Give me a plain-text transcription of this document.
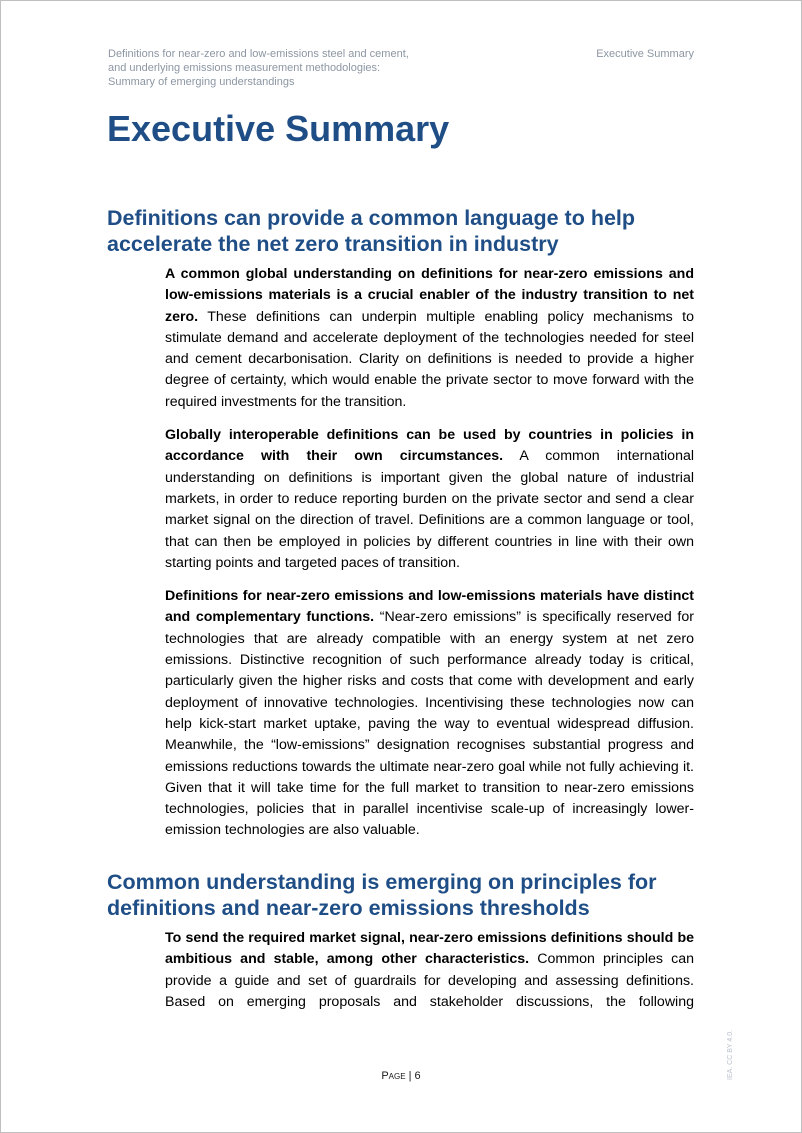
Definitions for near-zero and low-emissions steel and cement,
and underlying emissions measurement methodologies:
Summary of emerging understandings
Executive Summary
Executive Summary
Definitions can provide a common language to help
accelerate the net zero transition in industry

A common global understanding on definitions for near-zero emissions and low-emissions materials is a crucial enabler of the industry transition to net zero. These definitions can underpin multiple enabling policy mechanisms to stimulate demand and accelerate deployment of the technologies needed for steel and cement decarbonisation. Clarity on definitions is needed to provide a higher degree of certainty, which would enable the private sector to move forward with the required investments for the transition.

Globally interoperable definitions can be used by countries in policies in accordance with their own circumstances. A common international understanding on definitions is important given the global nature of industrial markets, in order to reduce reporting burden on the private sector and send a clear market signal on the direction of travel. Definitions are a common language or tool, that can then be employed in policies by different countries in line with their own starting points and targeted paces of transition.

Definitions for near-zero emissions and low-emissions materials have distinct and complementary functions. “Near-zero emissions” is specifically reserved for technologies that are already compatible with an energy system at net zero emissions. Distinctive recognition of such performance already today is critical, particularly given the higher risks and costs that come with development and early deployment of innovative technologies. Incentivising these technologies now can help kick-start market uptake, paving the way to eventual widespread diffusion. Meanwhile, the “low-emissions” designation recognises substantial progress and emissions reductions towards the ultimate near-zero goal while not fully achieving it. Given that it will take time for the full market to transition to near-zero emissions technologies, policies that in parallel incentivise scale-up of increasingly lower-emission technologies are also valuable.

Common understanding is emerging on principles for
definitions and near-zero emissions thresholds

To send the required market signal, near-zero emissions definitions should be ambitious and stable, among other characteristics. Common principles can provide a guide and set of guardrails for developing and assessing definitions. Based on emerging proposals and stakeholder discussions, the following

Page | 6	IEA. CC BY 4.0.
